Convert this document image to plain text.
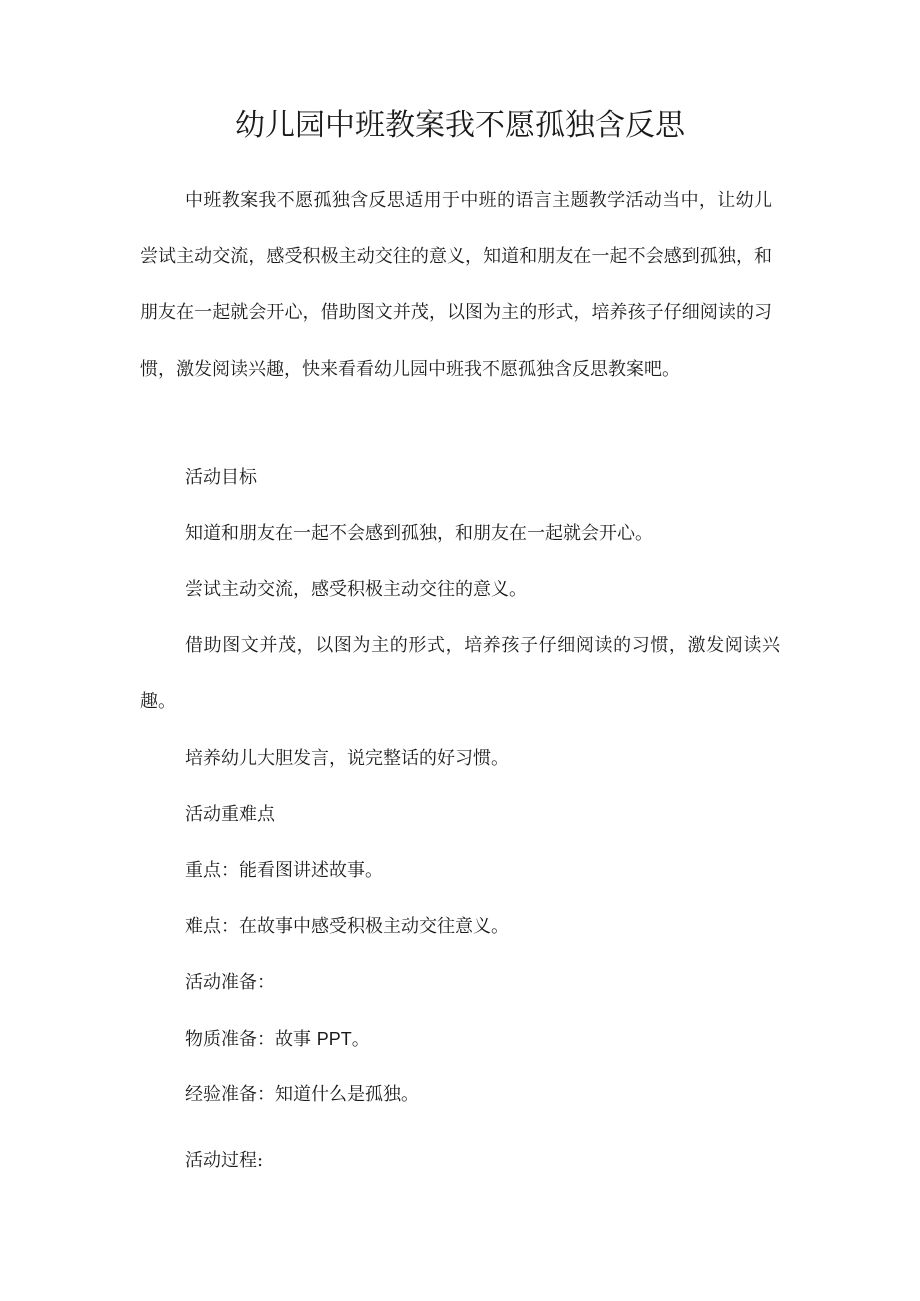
幼儿园中班教案我不愿孤独含反思

中班教案我不愿孤独含反思适用于中班的语言主题教学活动当中，让幼儿尝试主动交流，感受积极主动交往的意义，知道和朋友在一起不会感到孤独，和朋友在一起就会开心，借助图文并茂，以图为主的形式，培养孩子仔细阅读的习惯，激发阅读兴趣，快来看看幼儿园中班我不愿孤独含反思教案吧。

活动目标

知道和朋友在一起不会感到孤独，和朋友在一起就会开心。

尝试主动交流，感受积极主动交往的意义。

借助图文并茂，以图为主的形式，培养孩子仔细阅读的习惯，激发阅读兴趣。

培养幼儿大胆发言，说完整话的好习惯。

活动重难点

重点：能看图讲述故事。

难点：在故事中感受积极主动交往意义。

活动准备：

物质准备：故事 PPT。

经验准备：知道什么是孤独。

活动过程:
